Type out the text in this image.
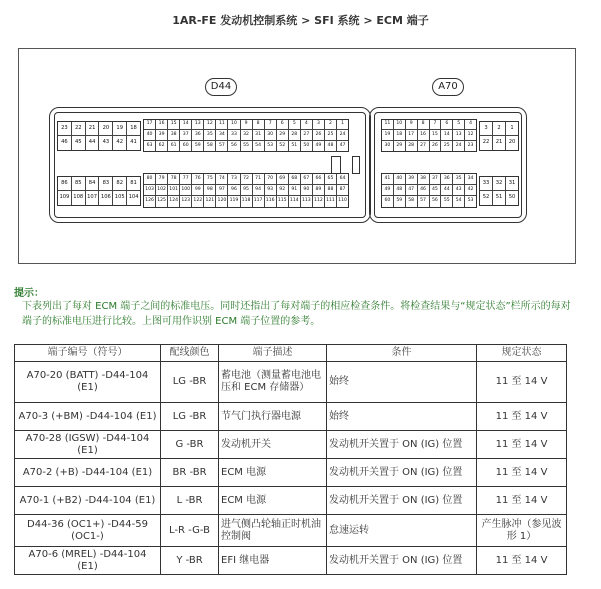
1AR-FE 发动机控制系统 > SFI 系统 > ECM 端子
D44	A70
23	22	21	20	19	18
46	45	44	43	42	41
17	16	15	14	13	12	11	10	9	8	7	6	5	4	3	2	1
40	39	38	37	36	35	34	33	32	31	30	29	28	27	26	25	24
63	62	61	60	59	58	57	56	55	54	53	52	51	50	49	48	47
86	85	84	83	82	81
109 108 107 106 105 104
80	79	78	77	76	75	74	73	72	71	70	69	68	67	66	65	64
103 102 101 100	99	98	97	96	95	94	93	92	91	90	89	88	87
126 125 124 123 122 121 120 119 118 117 116 115 114 113 112 111 110
11	10	9	8	7	6	5	4
19	18	17	16	15	14	13	12
30	29	28	27	26	25	24	23
3	2	1
22	21	20
41	40	39	38	37	36	35	34
49	48	47	46	45	44	43	42
60	59	58	57	56	55	54	53
33	32	31
52	51	50
提示：
下表列出了每对 ECM 端子之间的标准电压。同时还指出了每对端子的相应检查条件。将检查结果与“规定状态”栏所示的每对端子的标准电压进行比较。上图可用作识别 ECM 端子位置的参考。
端子编号（符号）	配线颜色	端子描述	条件	规定状态
A70-20 (BATT) -D44-104 (E1)	LG -BR	蓄电池（测量蓄电池电压和 ECM 存储器）	始终	11 至 14 V
A70-3 (+BM) -D44-104 (E1)	LG -BR	节气门执行器电源	始终	11 至 14 V
A70-28 (IGSW) -D44-104 (E1)	G -BR	发动机开关	发动机开关置于 ON (IG) 位置	11 至 14 V
A70-2 (+B) -D44-104 (E1)	BR -BR	ECM 电源	发动机开关置于 ON (IG) 位置	11 至 14 V
A70-1 (+B2) -D44-104 (E1)	L -BR	ECM 电源	发动机开关置于 ON (IG) 位置	11 至 14 V
D44-36 (OC1+) -D44-59 (OC1-)	L-R -G-B	进气侧凸轮轴正时机油控制阀	怠速运转	产生脉冲（参见波形 1）
A70-6 (MREL) -D44-104 (E1)	Y -BR	EFI 继电器	发动机开关置于 ON (IG) 位置	11 至 14 V
